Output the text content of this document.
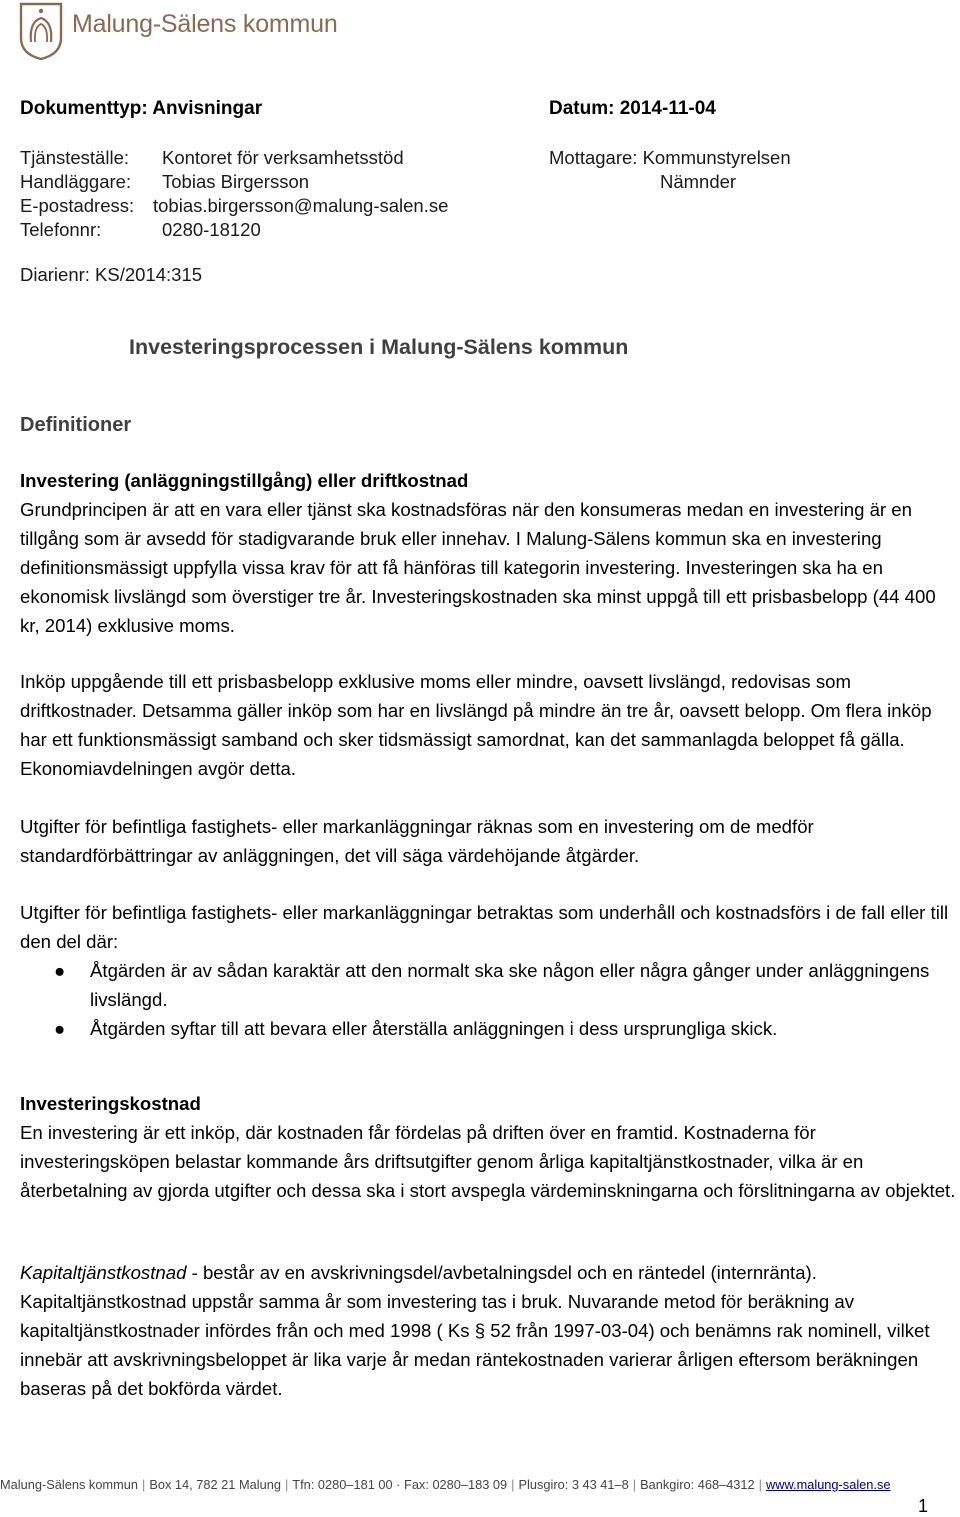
Malung-Sälens kommun
Dokumenttyp: Anvisningar	Datum: 2014-11-04
Tjänsteställe: Kontoret för verksamhetsstöd
Handläggare: Tobias Birgersson
E-postadress: tobias.birgersson@malung-salen.se
Telefonnr:	0280-18120
Mottagare: Kommunstyrelsen
Nämnder
Diarienr: KS/2014:315
Investeringsprocessen i Malung-Sälens kommun
Definitioner

Investering (anläggningstillgång) eller driftkostnad

Grundprincipen är att en vara eller tjänst ska kostnadsföras när den konsumeras medan en investering är en tillgång som är avsedd för stadigvarande bruk eller innehav. I Malung-Sälens kommun ska en investering definitionsmässigt uppfylla vissa krav för att få hänföras till kategorin investering. Investeringen ska ha en ekonomisk livslängd som överstiger tre år. Investeringskostnaden ska minst uppgå till ett prisbasbelopp (44 400 kr, 2014) exklusive moms.

Inköp uppgående till ett prisbasbelopp exklusive moms eller mindre, oavsett livslängd, redovisas som driftkostnader. Detsamma gäller inköp som har en livslängd på mindre än tre år, oavsett belopp. Om flera inköp har ett funktionsmässigt samband och sker tidsmässigt samordnat, kan det sammanlagda beloppet få gälla. Ekonomiavdelningen avgör detta.
Utgifter för befintliga fastighets- eller markanläggningar räknas som en investering om de medför standardförbättringar av anläggningen, det vill säga värdehöjande åtgärder.

Utgifter för befintliga fastighets- eller markanläggningar betraktas som underhåll och kostnadsförs i de fall eller till den del där:

● Åtgärden är av sådan karaktär att den normalt ska ske någon eller några gånger under anläggningens livslängd.
● Åtgärden syftar till att bevara eller återställa anläggningen i dess ursprungliga skick.

Investeringskostnad

En investering är ett inköp, där kostnaden får fördelas på driften över en framtid. Kostnaderna för investeringsköpen belastar kommande års driftsutgifter genom årliga kapitaltjänstkostnader, vilka är en återbetalning av gjorda utgifter och dessa ska i stort avspegla värdeminskningarna och förslitningarna av objektet.

Kapitaltjänstkostnad - består av en avskrivningsdel/avbetalningsdel och en räntedel (internränta). Kapitaltjänstkostnad uppstår samma år som investering tas i bruk. Nuvarande metod för beräkning av kapitaltjänstkostnader infördes från och med 1998 ( Ks § 52 från 1997-03-04) och benämns rak nominell, vilket innebär att avskrivningsbeloppet är lika varje år medan räntekostnaden varierar årligen eftersom beräkningen baseras på det bokförda värdet.

Malung-Sälens kommun | Box 14, 782 21 Malung | Tfn: 0280–181 00 · Fax: 0280–183 09 | Plusgiro: 3 43 41–8 | Bankgiro: 468–4312 | www.malung-salen.se
1
